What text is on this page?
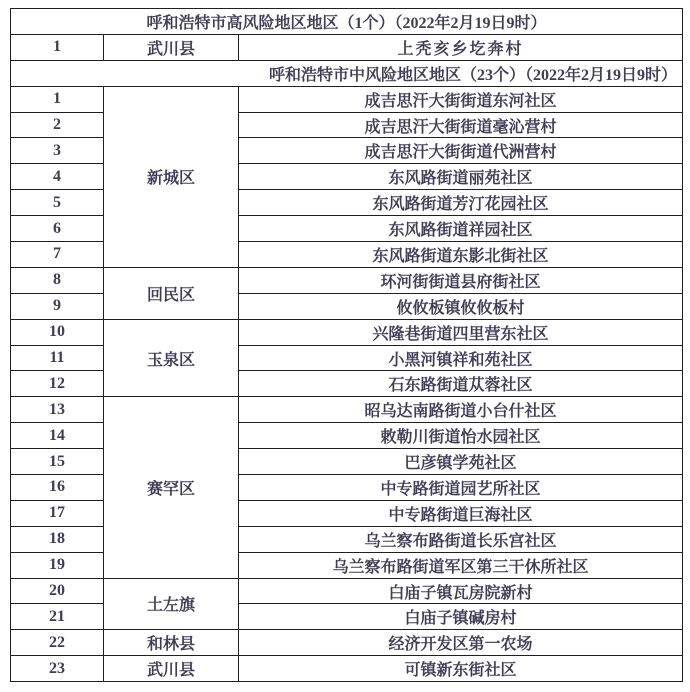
呼和浩特市高风险地区地区（1个）（2022年2月19日9时）		
1	武川县	上秃亥乡圪奔村
呼和浩特市中风险地区地区（23个）（2022年2月19日9时）		
1	新城区	成吉思汗大街街道东河社区
2		成吉思汗大街街道毫沁营村
3		成吉思汗大街街道代洲营村
4		东风路街道丽苑社区
5		东风路街道芳汀花园社区
6		东风路街道祥园社区
7		东风路街道东影北街社区
8	回民区	环河街街道县府街社区
9		攸攸板镇攸攸板村
10	玉泉区	兴隆巷街道四里营东社区
11		小黑河镇祥和苑社区
12		石东路街道苁蓉社区
13	赛罕区	昭乌达南路街道小台什社区
14		敕勒川街道怡水园社区
15		巴彦镇学苑社区
16		中专路街道园艺所社区
17		中专路街道巨海社区
18		乌兰察布路街道长乐宫社区
19		乌兰察布路街道军区第三干休所社区
20	土左旗	白庙子镇瓦房院新村
21		白庙子镇碱房村
22	和林县	经济开发区第一农场
23	武川县	可镇新东街社区
